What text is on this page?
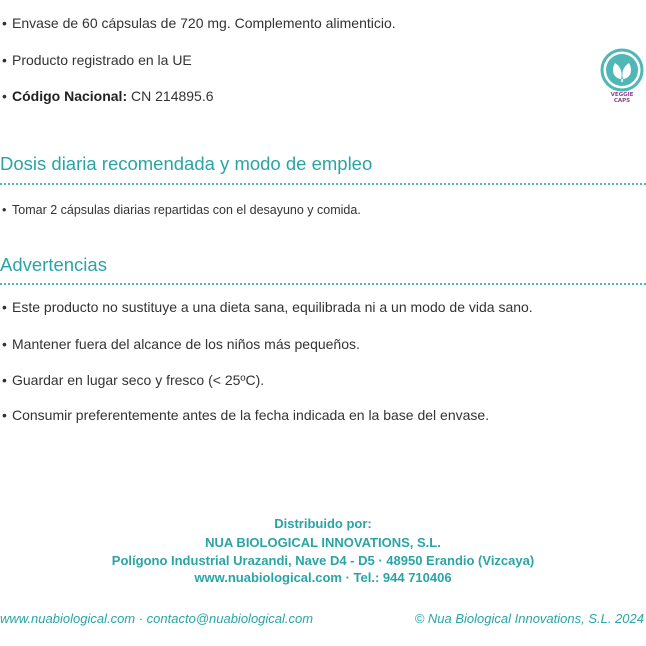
• Envase de 60 cápsulas de 720 mg. Complemento alimenticio.
• Producto registrado en la UE
• Código Nacional: CN 214895.6	VEGGIE
CAPS
Dosis diaria recomendada y modo de empleo
• Tomar 2 cápsulas diarias repartidas con el desayuno y comida.
Advertencias
• Este producto no sustituye a una dieta sana, equilibrada ni a un modo de vida sano.
• Mantener fuera del alcance de los niños más pequeños.
• Guardar en lugar seco y fresco (< 25ºC).
• Consumir preferentemente antes de la fecha indicada en la base del envase.
Distribuido por:
NUA BIOLOGICAL INNOVATIONS, S.L.
Polígono Industrial Urazandi, Nave D4 - D5 · 48950 Erandio (Vizcaya)
www.nuabiological.com · Tel.: 944 710406
www.nuabiological.com · contacto@nuabiological.com	© Nua Biological Innovations, S.L. 2024
